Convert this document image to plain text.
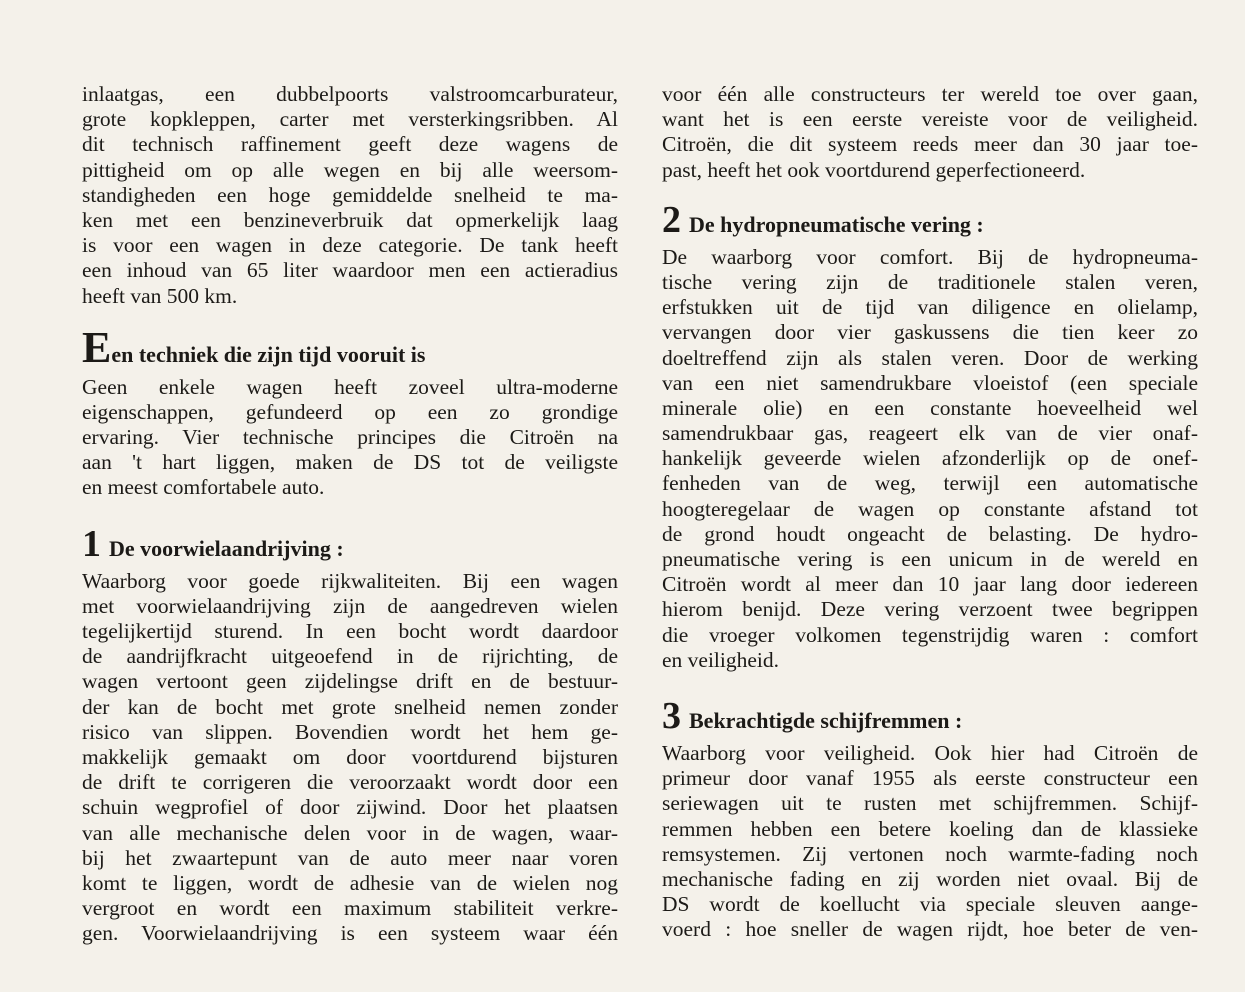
inlaatgas, een dubbelpoorts valstroomcarburateur,
grote kopkleppen, carter met versterkingsribben. Al
dit technisch raffinement geeft deze wagens de
pittigheid om op alle wegen en bij alle weersom-
standigheden een hoge gemiddelde snelheid te ma-
ken met een benzineverbruik dat opmerkelijk laag
is voor een wagen in deze categorie. De tank heeft
een inhoud van 65 liter waardoor men een actieradius
heeft van 500 km.
Een techniek die zijn tijd vooruit is
Geen enkele wagen heeft zoveel ultra-moderne
eigenschappen, gefundeerd op een zo grondige
ervaring. Vier technische principes die Citroën na
aan 't hart liggen, maken de DS tot de veiligste
en meest comfortabele auto.
1 De voorwielaandrijving :
Waarborg voor goede rijkwaliteiten. Bij een wagen
met voorwielaandrijving zijn de aangedreven wielen
tegelijkertijd sturend. In een bocht wordt daardoor
de aandrijfkracht uitgeoefend in de rijrichting, de
wagen vertoont geen zijdelingse drift en de bestuur-
der kan de bocht met grote snelheid nemen zonder
risico van slippen. Bovendien wordt het hem ge-
makkelijk gemaakt om door voortdurend bijsturen
de drift te corrigeren die veroorzaakt wordt door een
schuin wegprofiel of door zijwind. Door het plaatsen
van alle mechanische delen voor in de wagen, waar-
bij het zwaartepunt van de auto meer naar voren
komt te liggen, wordt de adhesie van de wielen nog
vergroot en wordt een maximum stabiliteit verkre-
gen. Voorwielaandrijving is een systeem waar één
voor één alle constructeurs ter wereld toe over gaan,
want het is een eerste vereiste voor de veiligheid.
Citroën, die dit systeem reeds meer dan 30 jaar toe-
past, heeft het ook voortdurend geperfectioneerd.
2 De hydropneumatische vering :
De waarborg voor comfort. Bij de hydropneuma-
tische vering zijn de traditionele stalen veren,
erfstukken uit de tijd van diligence en olielamp,
vervangen door vier gaskussens die tien keer zo
doeltreffend zijn als stalen veren. Door de werking
van een niet samendrukbare vloeistof (een speciale
minerale olie) en een constante hoeveelheid wel
samendrukbaar gas, reageert elk van de vier onaf-
hankelijk geveerde wielen afzonderlijk op de onef-
fenheden van de weg, terwijl een automatische
hoogteregelaar de wagen op constante afstand tot
de grond houdt ongeacht de belasting. De hydro-
pneumatische vering is een unicum in de wereld en
Citroën wordt al meer dan 10 jaar lang door iedereen
hierom benijd. Deze vering verzoent twee begrippen
die vroeger volkomen tegenstrijdig waren : comfort
en veiligheid.
3 Bekrachtigde schijfremmen :
Waarborg voor veiligheid. Ook hier had Citroën de
primeur door vanaf 1955 als eerste constructeur een
seriewagen uit te rusten met schijfremmen. Schijf-
remmen hebben een betere koeling dan de klassieke
remsystemen. Zij vertonen noch warmte-fading noch
mechanische fading en zij worden niet ovaal. Bij de
DS wordt de koellucht via speciale sleuven aange-
voerd : hoe sneller de wagen rijdt, hoe beter de ven-
